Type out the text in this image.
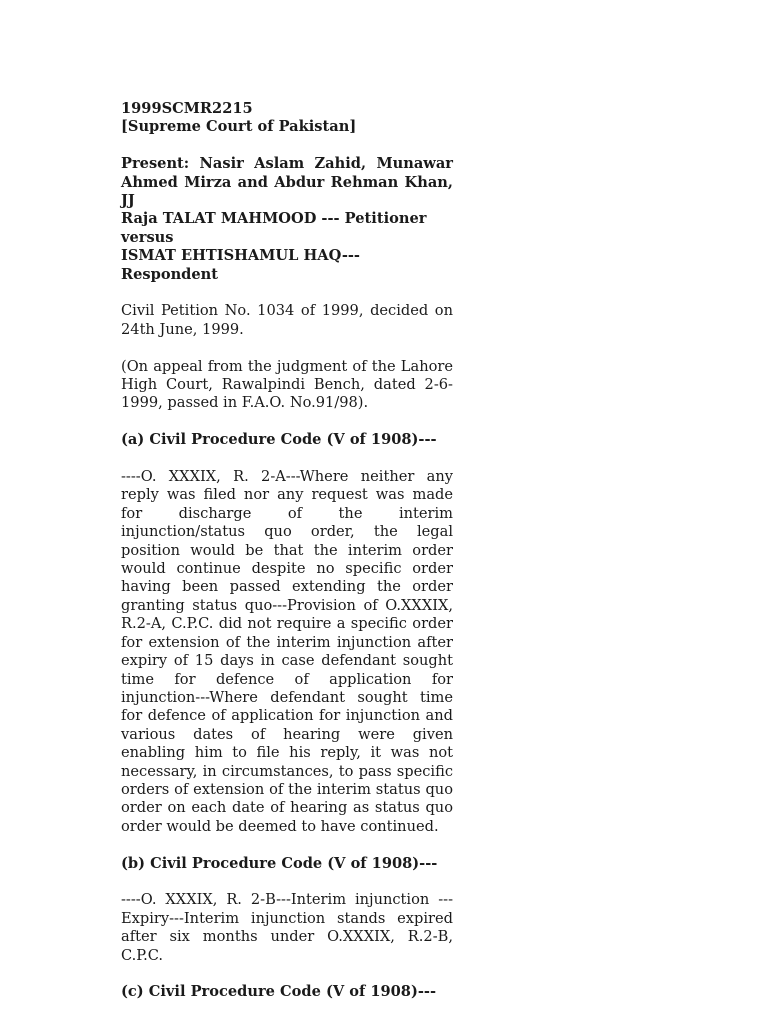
1999SCMR2215
[Supreme Court of Pakistan]

Present: Nasir Aslam Zahid, Munawar Ahmed Mirza and Abdur Rehman Khan, JJ

Raja TALAT MAHMOOD --- Petitioner
versus
ISMAT EHTISHAMUL HAQ---Respondent

Civil Petition No. 1034 of 1999, decided on 24th June, 1999.

(On appeal from the judgment of the Lahore High Court, Rawalpindi Bench, dated 2-6-1999, passed in F.A.O. No.91/98).

(a) Civil Procedure Code (V of 1908)---

----O. XXXIX, R. 2-A---Where neither any reply was filed nor any request was made for discharge of the interim injunction/status quo order, the legal position would be that the interim order would continue despite no specific order having been passed extending the order granting status quo---Provision of O.XXXIX, R.2-A, C.P.C. did not require a specific order for extension of the interim injunction after expiry of 15 days in case defendant sought time for defence of application for injunction---Where defendant sought time for defence of application for injunction and various dates of hearing were given enabling him to file his reply, it was not necessary, in circumstances, to pass specific orders of extension of the interim status quo order on each date of hearing as status quo order would be deemed to have continued.

(b) Civil Procedure Code (V of 1908)---

----O. XXXIX, R. 2-B---Interim injunction ---Expiry---Interim injunction stands expired after six months under O.XXXIX, R.2-B, C.P.C.

(c) Civil Procedure Code (V of 1908)---
